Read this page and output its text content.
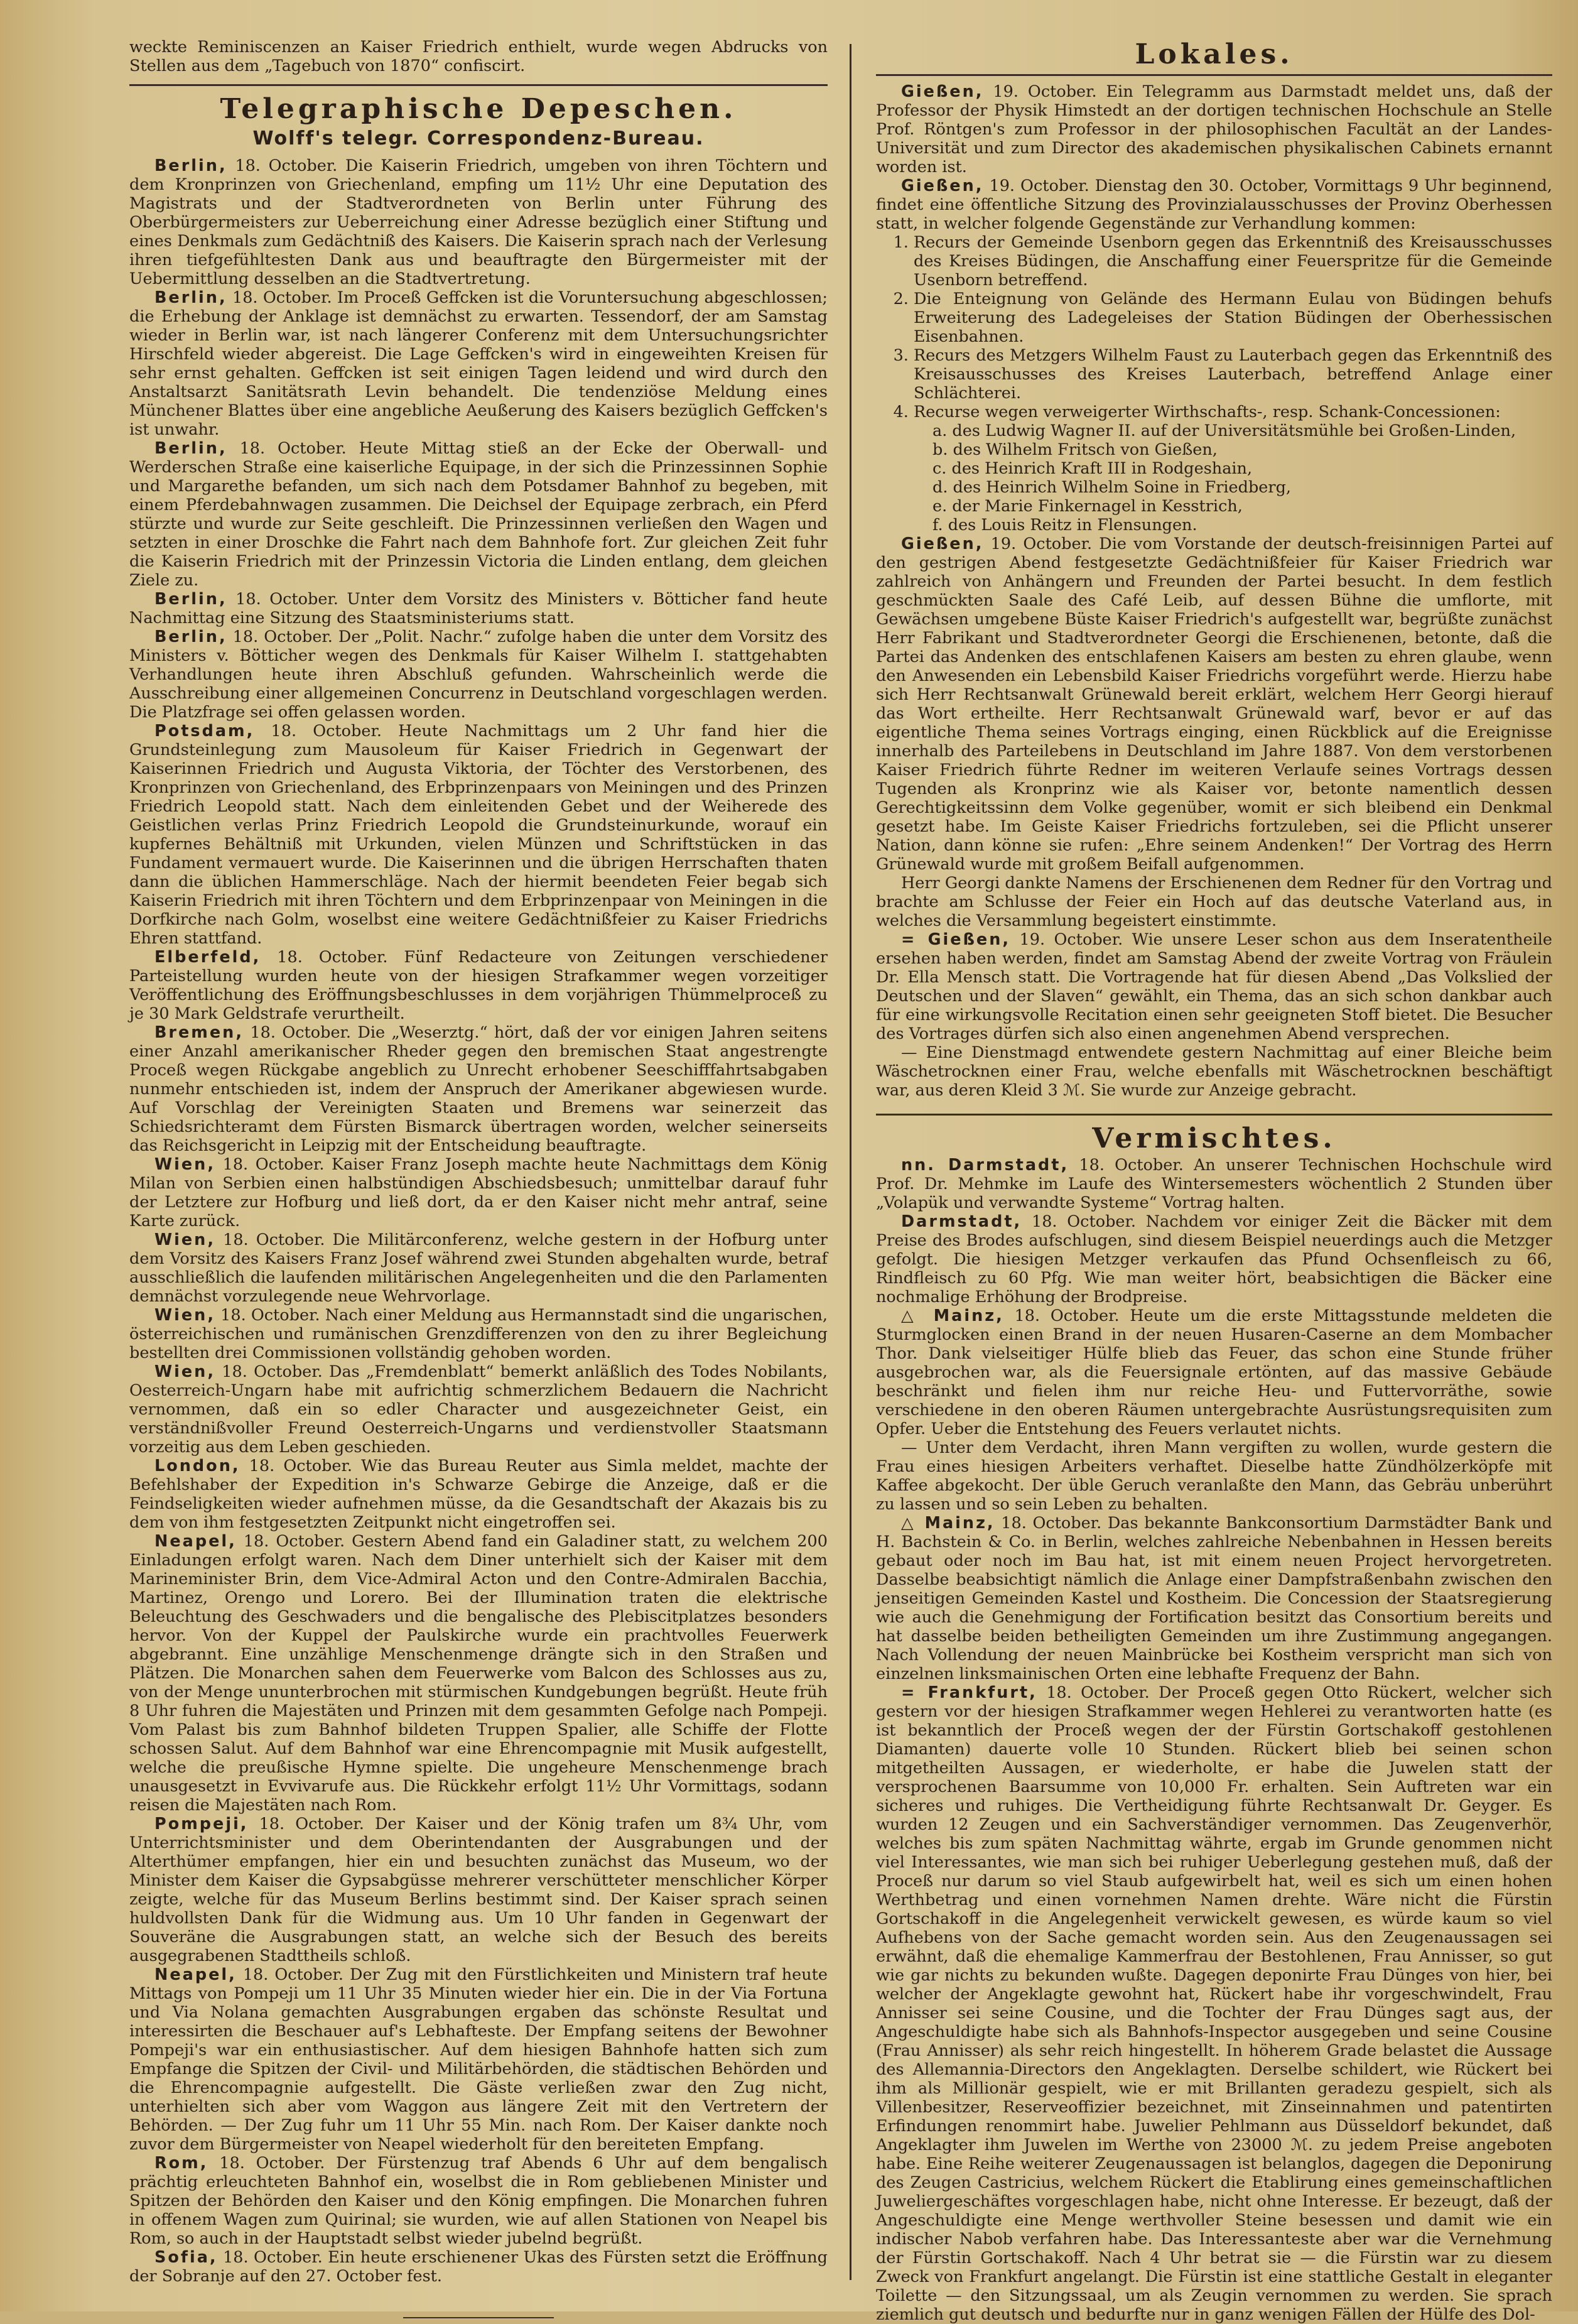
weckte Reminiscenzen an Kaiser Friedrich enthielt, wurde wegen Abdrucks von Stellen aus dem „Tagebuch von 1870“ confiscirt.

Telegraphische Depeschen.
Wolff's telegr. Correspondenz-Bureau.

Berlin, 18. October. Die Kaiserin Friedrich, umgeben von ihren Töchtern und dem Kronprinzen von Griechenland, empfing um 11½ Uhr eine Deputation des Magistrats und der Stadtverordneten von Berlin unter Führung des Oberbürgermeisters zur Ueberreichung einer Adresse bezüglich einer Stiftung und eines Denkmals zum Gedächtniß des Kaisers. Die Kaiserin sprach nach der Verlesung ihren tiefgefühltesten Dank aus und beauftragte den Bürgermeister mit der Uebermittlung desselben an die Stadtvertretung.

Berlin, 18. October. Im Proceß Geffcken ist die Voruntersuchung abgeschlossen; die Erhebung der Anklage ist demnächst zu erwarten. Tessendorf, der am Samstag wieder in Berlin war, ist nach längerer Conferenz mit dem Untersuchungsrichter Hirschfeld wieder abgereist. Die Lage Geffcken's wird in eingeweihten Kreisen für sehr ernst gehalten. Geffcken ist seit einigen Tagen leidend und wird durch den Anstaltsarzt Sanitätsrath Levin behandelt. Die tendenziöse Meldung eines Münchener Blattes über eine angebliche Aeußerung des Kaisers bezüglich Geffcken's ist unwahr.

Berlin, 18. October. Heute Mittag stieß an der Ecke der Oberwall- und Werderschen Straße eine kaiserliche Equipage, in der sich die Prinzessinnen Sophie und Margarethe befanden, um sich nach dem Potsdamer Bahnhof zu begeben, mit einem Pferdebahnwagen zusammen. Die Deichsel der Equipage zerbrach, ein Pferd stürzte und wurde zur Seite geschleift. Die Prinzessinnen verließen den Wagen und setzten in einer Droschke die Fahrt nach dem Bahnhofe fort. Zur gleichen Zeit fuhr die Kaiserin Friedrich mit der Prinzessin Victoria die Linden entlang, dem gleichen Ziele zu.

Berlin, 18. October. Unter dem Vorsitz des Ministers v. Bötticher fand heute Nachmittag eine Sitzung des Staatsministeriums statt.

Berlin, 18. October. Der „Polit. Nachr.“ zufolge haben die unter dem Vorsitz des Ministers v. Bötticher wegen des Denkmals für Kaiser Wilhelm I. stattgehabten Verhandlungen heute ihren Abschluß gefunden. Wahrscheinlich werde die Ausschreibung einer allgemeinen Concurrenz in Deutschland vorgeschlagen werden. Die Platzfrage sei offen gelassen worden.

Potsdam, 18. October. Heute Nachmittags um 2 Uhr fand hier die Grundsteinlegung zum Mausoleum für Kaiser Friedrich in Gegenwart der Kaiserinnen Friedrich und Augusta Viktoria, der Töchter des Verstorbenen, des Kronprinzen von Griechenland, des Erbprinzenpaars von Meiningen und des Prinzen Friedrich Leopold statt. Nach dem einleitenden Gebet und der Weiherede des Geistlichen verlas Prinz Friedrich Leopold die Grundsteinurkunde, worauf ein kupfernes Behältniß mit Urkunden, vielen Münzen und Schriftstücken in das Fundament vermauert wurde. Die Kaiserinnen und die übrigen Herrschaften thaten dann die üblichen Hammerschläge. Nach der hiermit beendeten Feier begab sich Kaiserin Friedrich mit ihren Töchtern und dem Erbprinzenpaar von Meiningen in die Dorfkirche nach Golm, woselbst eine weitere Gedächtnißfeier zu Kaiser Friedrichs Ehren stattfand.

Elberfeld, 18. October. Fünf Redacteure von Zeitungen verschiedener Parteistellung wurden heute von der hiesigen Strafkammer wegen vorzeitiger Veröffentlichung des Eröffnungsbeschlusses in dem vorjährigen Thümmelproceß zu je 30 Mark Geldstrafe verurtheilt.

Bremen, 18. October. Die „Weserztg.“ hört, daß der vor einigen Jahren seitens einer Anzahl amerikanischer Rheder gegen den bremischen Staat angestrengte Proceß wegen Rückgabe angeblich zu Unrecht erhobener Seeschifffahrtsabgaben nunmehr entschieden ist, indem der Anspruch der Amerikaner abgewiesen wurde. Auf Vorschlag der Vereinigten Staaten und Bremens war seinerzeit das Schiedsrichteramt dem Fürsten Bismarck übertragen worden, welcher seinerseits das Reichsgericht in Leipzig mit der Entscheidung beauftragte.

Wien, 18. October. Kaiser Franz Joseph machte heute Nachmittags dem König Milan von Serbien einen halbstündigen Abschiedsbesuch; unmittelbar darauf fuhr der Letztere zur Hofburg und ließ dort, da er den Kaiser nicht mehr antraf, seine Karte zurück.

Wien, 18. October. Die Militärconferenz, welche gestern in der Hofburg unter dem Vorsitz des Kaisers Franz Josef während zwei Stunden abgehalten wurde, betraf ausschließlich die laufenden militärischen Angelegenheiten und die den Parlamenten demnächst vorzulegende neue Wehrvorlage.

Wien, 18. October. Nach einer Meldung aus Hermannstadt sind die ungarischen, österreichischen und rumänischen Grenzdifferenzen von den zu ihrer Begleichung bestellten drei Commissionen vollständig gehoben worden.

Wien, 18. October. Das „Fremdenblatt“ bemerkt anläßlich des Todes Nobilants, Oesterreich-Ungarn habe mit aufrichtig schmerzlichem Bedauern die Nachricht vernommen, daß ein so edler Character und ausgezeichneter Geist, ein verständnißvoller Freund Oesterreich-Ungarns und verdienstvoller Staatsmann vorzeitig aus dem Leben geschieden.

London, 18. October. Wie das Bureau Reuter aus Simla meldet, machte der Befehlshaber der Expedition in's Schwarze Gebirge die Anzeige, daß er die Feindseligkeiten wieder aufnehmen müsse, da die Gesandtschaft der Akazais bis zu dem von ihm festgesetzten Zeitpunkt nicht eingetroffen sei.

Neapel, 18. October. Gestern Abend fand ein Galadiner statt, zu welchem 200 Einladungen erfolgt waren. Nach dem Diner unterhielt sich der Kaiser mit dem Marineminister Brin, dem Vice-Admiral Acton und den Contre-Admiralen Bacchia, Martinez, Orengo und Lorero. Bei der Illumination traten die elektrische Beleuchtung des Geschwaders und die bengalische des Plebiscitplatzes besonders hervor. Von der Kuppel der Paulskirche wurde ein prachtvolles Feuerwerk abgebrannt. Eine unzählige Menschenmenge drängte sich in den Straßen und Plätzen. Die Monarchen sahen dem Feuerwerke vom Balcon des Schlosses aus zu, von der Menge ununterbrochen mit stürmischen Kundgebungen begrüßt. Heute früh 8 Uhr fuhren die Majestäten und Prinzen mit dem gesammten Gefolge nach Pompeji. Vom Palast bis zum Bahnhof bildeten Truppen Spalier, alle Schiffe der Flotte schossen Salut. Auf dem Bahnhof war eine Ehrencompagnie mit Musik aufgestellt, welche die preußische Hymne spielte. Die ungeheure Menschenmenge brach unausgesetzt in Evvivarufe aus. Die Rückkehr erfolgt 11½ Uhr Vormittags, sodann reisen die Majestäten nach Rom.

Pompeji, 18. October. Der Kaiser und der König trafen um 8¾ Uhr, vom Unterrichtsminister und dem Oberintendanten der Ausgrabungen und der Alterthümer empfangen, hier ein und besuchten zunächst das Museum, wo der Minister dem Kaiser die Gypsabgüsse mehrerer verschütteter menschlicher Körper zeigte, welche für das Museum Berlins bestimmt sind. Der Kaiser sprach seinen huldvollsten Dank für die Widmung aus. Um 10 Uhr fanden in Gegenwart der Souveräne die Ausgrabungen statt, an welche sich der Besuch des bereits ausgegrabenen Stadttheils schloß.

Neapel, 18. October. Der Zug mit den Fürstlichkeiten und Ministern traf heute Mittags von Pompeji um 11 Uhr 35 Minuten wieder hier ein. Die in der Via Fortuna und Via Nolana gemachten Ausgrabungen ergaben das schönste Resultat und interessirten die Beschauer auf's Lebhafteste. Der Empfang seitens der Bewohner Pompeji's war ein enthusiastischer. Auf dem hiesigen Bahnhofe hatten sich zum Empfange die Spitzen der Civil- und Militärbehörden, die städtischen Behörden und die Ehrencompagnie aufgestellt. Die Gäste verließen zwar den Zug nicht, unterhielten sich aber vom Waggon aus längere Zeit mit den Vertretern der Behörden. — Der Zug fuhr um 11 Uhr 55 Min. nach Rom. Der Kaiser dankte noch zuvor dem Bürgermeister von Neapel wiederholt für den bereiteten Empfang.

Rom, 18. October. Der Fürstenzug traf Abends 6 Uhr auf dem bengalisch prächtig erleuchteten Bahnhof ein, woselbst die in Rom gebliebenen Minister und Spitzen der Behörden den Kaiser und den König empfingen. Die Monarchen fuhren in offenem Wagen zum Quirinal; sie wurden, wie auf allen Stationen von Neapel bis Rom, so auch in der Hauptstadt selbst wieder jubelnd begrüßt.

Sofia, 18. October. Ein heute erschienener Ukas des Fürsten setzt die Eröffnung der Sobranje auf den 27. October fest.

Lokales.

Gießen, 19. October. Ein Telegramm aus Darmstadt meldet uns, daß der Professor der Physik Himstedt an der dortigen technischen Hochschule an Stelle Prof. Röntgen's zum Professor in der philosophischen Facultät an der Landes-Universität und zum Director des akademischen physikalischen Cabinets ernannt worden ist.

Gießen, 19. October. Dienstag den 30. October, Vormittags 9 Uhr beginnend, findet eine öffentliche Sitzung des Provinzialausschusses der Provinz Oberhessen statt, in welcher folgende Gegenstände zur Verhandlung kommen:

1. Recurs der Gemeinde Usenborn gegen das Erkenntniß des Kreisausschusses des Kreises Büdingen, die Anschaffung einer Feuerspritze für die Gemeinde Usenborn betreffend.
2. Die Enteignung von Gelände des Hermann Eulau von Büdingen behufs Erweiterung des Ladegeleises der Station Büdingen der Oberhessischen Eisenbahnen.
3. Recurs des Metzgers Wilhelm Faust zu Lauterbach gegen das Erkenntniß des Kreisausschusses des Kreises Lauterbach, betreffend Anlage einer Schlächterei.
4. Recurse wegen verweigerter Wirthschafts-, resp. Schank-Concessionen:
a. des Ludwig Wagner II. auf der Universitätsmühle bei Großen-Linden,
b. des Wilhelm Fritsch von Gießen,
c. des Heinrich Kraft III in Rodgeshain,
d. des Heinrich Wilhelm Soine in Friedberg,
e. der Marie Finkernagel in Kesstrich,
f. des Louis Reitz in Flensungen.

Gießen, 19. October. Die vom Vorstande der deutsch-freisinnigen Partei auf den gestrigen Abend festgesetzte Gedächtnißfeier für Kaiser Friedrich war zahlreich von Anhängern und Freunden der Partei besucht. In dem festlich geschmückten Saale des Café Leib, auf dessen Bühne die umflorte, mit Gewächsen umgebene Büste Kaiser Friedrich's aufgestellt war, begrüßte zunächst Herr Fabrikant und Stadtverordneter Georgi die Erschienenen, betonte, daß die Partei das Andenken des entschlafenen Kaisers am besten zu ehren glaube, wenn den Anwesenden ein Lebensbild Kaiser Friedrichs vorgeführt werde. Hierzu habe sich Herr Rechtsanwalt Grünewald bereit erklärt, welchem Herr Georgi hierauf das Wort ertheilte. Herr Rechtsanwalt Grünewald warf, bevor er auf das eigentliche Thema seines Vortrags einging, einen Rückblick auf die Ereignisse innerhalb des Parteilebens in Deutschland im Jahre 1887. Von dem verstorbenen Kaiser Friedrich führte Redner im weiteren Verlaufe seines Vortrags dessen Tugenden als Kronprinz wie als Kaiser vor, betonte namentlich dessen Gerechtigkeitssinn dem Volke gegenüber, womit er sich bleibend ein Denkmal gesetzt habe. Im Geiste Kaiser Friedrichs fortzuleben, sei die Pflicht unserer Nation, dann könne sie rufen: „Ehre seinem Andenken!“ Der Vortrag des Herrn Grünewald wurde mit großem Beifall aufgenommen.

Herr Georgi dankte Namens der Erschienenen dem Redner für den Vortrag und brachte am Schlusse der Feier ein Hoch auf das deutsche Vaterland aus, in welches die Versammlung begeistert einstimmte.

= Gießen, 19. October. Wie unsere Leser schon aus dem Inseratentheile ersehen haben werden, findet am Samstag Abend der zweite Vortrag von Fräulein Dr. Ella Mensch statt. Die Vortragende hat für diesen Abend „Das Volkslied der Deutschen und der Slaven“ gewählt, ein Thema, das an sich schon dankbar auch für eine wirkungsvolle Recitation einen sehr geeigneten Stoff bietet. Die Besucher des Vortrages dürfen sich also einen angenehmen Abend versprechen.

— Eine Dienstmagd entwendete gestern Nachmittag auf einer Bleiche beim Wäschetrocknen einer Frau, welche ebenfalls mit Wäschetrocknen beschäftigt war, aus deren Kleid 3 ℳ. Sie wurde zur Anzeige gebracht.

Vermischtes.

nn. Darmstadt, 18. October. An unserer Technischen Hochschule wird Prof. Dr. Mehmke im Laufe des Wintersemesters wöchentlich 2 Stunden über „Volapük und verwandte Systeme“ Vortrag halten.

Darmstadt, 18. October. Nachdem vor einiger Zeit die Bäcker mit dem Preise des Brodes aufschlugen, sind diesem Beispiel neuerdings auch die Metzger gefolgt. Die hiesigen Metzger verkaufen das Pfund Ochsenfleisch zu 66, Rindfleisch zu 60 Pfg. Wie man weiter hört, beabsichtigen die Bäcker eine nochmalige Erhöhung der Brodpreise.

△ Mainz, 18. October. Heute um die erste Mittagsstunde meldeten die Sturmglocken einen Brand in der neuen Husaren-Caserne an dem Mombacher Thor. Dank vielseitiger Hülfe blieb das Feuer, das schon eine Stunde früher ausgebrochen war, als die Feuersignale ertönten, auf das massive Gebäude beschränkt und fielen ihm nur reiche Heu- und Futtervorräthe, sowie verschiedene in den oberen Räumen untergebrachte Ausrüstungsrequisiten zum Opfer. Ueber die Entstehung des Feuers verlautet nichts.

— Unter dem Verdacht, ihren Mann vergiften zu wollen, wurde gestern die Frau eines hiesigen Arbeiters verhaftet. Dieselbe hatte Zündhölzerköpfe mit Kaffee abgekocht. Der üble Geruch veranlaßte den Mann, das Gebräu unberührt zu lassen und so sein Leben zu behalten.

△ Mainz, 18. October. Das bekannte Bankconsortium Darmstädter Bank und H. Bachstein & Co. in Berlin, welches zahlreiche Nebenbahnen in Hessen bereits gebaut oder noch im Bau hat, ist mit einem neuen Project hervorgetreten. Dasselbe beabsichtigt nämlich die Anlage einer Dampfstraßenbahn zwischen den jenseitigen Gemeinden Kastel und Kostheim. Die Concession der Staatsregierung wie auch die Genehmigung der Fortification besitzt das Consortium bereits und hat dasselbe beiden betheiligten Gemeinden um ihre Zustimmung angegangen. Nach Vollendung der neuen Mainbrücke bei Kostheim verspricht man sich von einzelnen linksmainischen Orten eine lebhafte Frequenz der Bahn.

= Frankfurt, 18. October. Der Proceß gegen Otto Rückert, welcher sich gestern vor der hiesigen Strafkammer wegen Hehlerei zu verantworten hatte (es ist bekanntlich der Proceß wegen der der Fürstin Gortschakoff gestohlenen Diamanten) dauerte volle 10 Stunden. Rückert blieb bei seinen schon mitgetheilten Aussagen, er wiederholte, er habe die Juwelen statt der versprochenen Baarsumme von 10,000 Fr. erhalten. Sein Auftreten war ein sicheres und ruhiges. Die Vertheidigung führte Rechtsanwalt Dr. Geyger. Es wurden 12 Zeugen und ein Sachverständiger vernommen. Das Zeugenverhör, welches bis zum späten Nachmittag währte, ergab im Grunde genommen nicht viel Interessantes, wie man sich bei ruhiger Ueberlegung gestehen muß, daß der Proceß nur darum so viel Staub aufgewirbelt hat, weil es sich um einen hohen Werthbetrag und einen vornehmen Namen drehte. Wäre nicht die Fürstin Gortschakoff in die Angelegenheit verwickelt gewesen, es würde kaum so viel Aufhebens von der Sache gemacht worden sein. Aus den Zeugenaussagen sei erwähnt, daß die ehemalige Kammerfrau der Bestohlenen, Frau Annisser, so gut wie gar nichts zu bekunden wußte. Dagegen deponirte Frau Dünges von hier, bei welcher der Angeklagte gewohnt hat, Rückert habe ihr vorgeschwindelt, Frau Annisser sei seine Cousine, und die Tochter der Frau Dünges sagt aus, der Angeschuldigte habe sich als Bahnhofs-Inspector ausgegeben und seine Cousine (Frau Annisser) als sehr reich hingestellt. In höherem Grade belastet die Aussage des Allemannia-Directors den Angeklagten. Derselbe schildert, wie Rückert bei ihm als Millionär gespielt, wie er mit Brillanten geradezu gespielt, sich als Villenbesitzer, Reserveoffizier bezeichnet, mit Zinseinnahmen und patentirten Erfindungen renommirt habe. Juwelier Pehlmann aus Düsseldorf bekundet, daß Angeklagter ihm Juwelen im Werthe von 23000 ℳ. zu jedem Preise angeboten habe. Eine Reihe weiterer Zeugenaussagen ist belanglos, dagegen die Deponirung des Zeugen Castricius, welchem Rückert die Etablirung eines gemeinschaftlichen Juweliergeschäftes vorgeschlagen habe, nicht ohne Interesse. Er bezeugt, daß der Angeschuldigte eine Menge werthvoller Steine besessen und damit wie ein indischer Nabob verfahren habe. Das Interessanteste aber war die Vernehmung der Fürstin Gortschakoff. Nach 4 Uhr betrat sie — die Fürstin war zu diesem Zweck von Frankfurt angelangt. Die Fürstin ist eine stattliche Gestalt in eleganter Toilette — den Sitzungssaal, um als Zeugin vernommen zu werden. Sie sprach ziemlich gut deutsch und bedurfte nur in ganz wenigen Fällen der Hülfe des Dol-
